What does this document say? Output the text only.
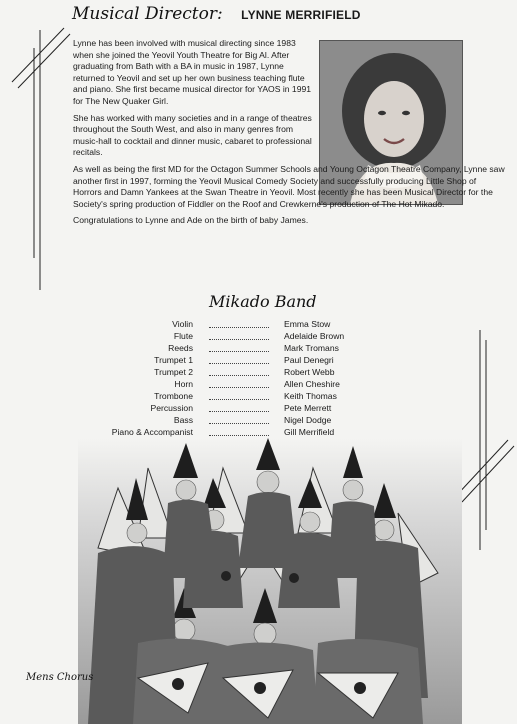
Musical Director: LYNNE MERRIFIELD

Lynne has been involved with musical directing since 1983 when she joined the Yeovil Youth Theatre for Big Al. After graduating from Bath with a BA in music in 1987, Lynne returned to Yeovil and set up her own business teaching flute and piano. She first became musical director for YAOS in 1991 for The New Quaker Girl.

She has worked with many societies and in a range of theatres throughout the South West, and also in many genres from music-hall to cocktail and dinner music, cabaret to professional recitals.

As well as being the first MD for the Octagon Summer Schools and Young Octagon Theatre Company, Lynne saw another first in 1997, forming the Yeovil Musical Comedy Society and successfully producing Little Shop of Horrors and Damn Yankees at the Swan Theatre in Yeovil. Most recently she has been Musical Director for the Society's spring production of Fiddler on the Roof and Crewkerne's production of The Hot Mikado.

Congratulations to Lynne and Ade on the birth of baby James.

Mikado Band
Violin	Emma Stow
Flute	Adelaide Brown
Reeds	Mark Tromans
Trumpet 1	Paul Denegri
Trumpet 2	Robert Webb
Horn	Allen Cheshire
Trombone	Keith Thomas
Percussion	Pete Merrett
Bass	Nigel Dodge
Piano & Accompanist	Gill Merrifield
Mens Chorus
